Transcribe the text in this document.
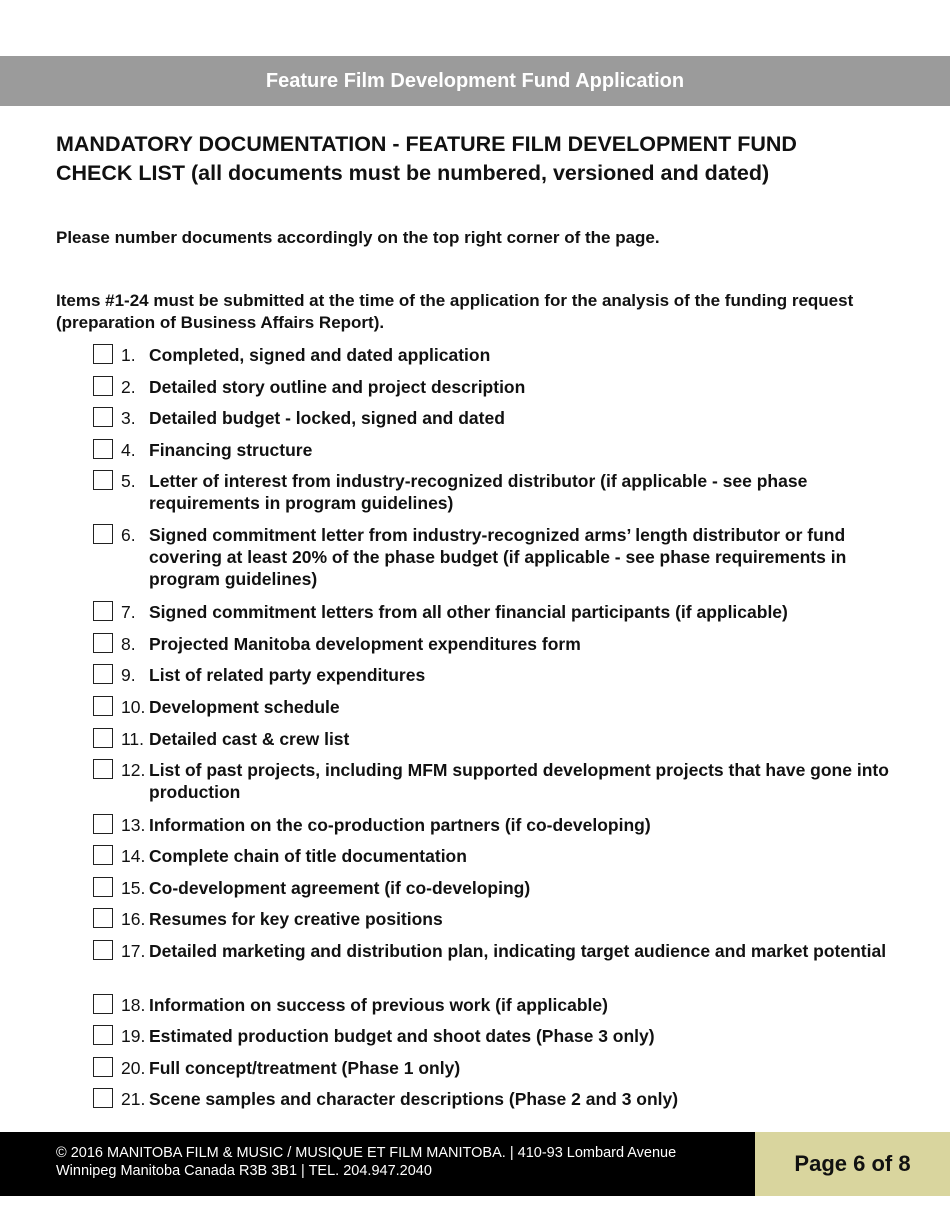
Feature Film Development Fund Application
MANDATORY DOCUMENTATION - FEATURE FILM DEVELOPMENT FUND
CHECK LIST (all documents must be numbered, versioned and dated)

Please number documents accordingly on the top right corner of the page.

Items #1-24 must be submitted at the time of the application for the analysis of the funding request (preparation of Business Affairs Report).

1. Completed, signed and dated application
2. Detailed story outline and project description
3. Detailed budget - locked, signed and dated
4. Financing structure
5. Letter of interest from industry-recognized distributor (if applicable - see phase requirements in program guidelines)
6. Signed commitment letter from industry-recognized arms’ length distributor or fund covering at least 20% of the phase budget (if applicable - see phase requirements in program guidelines)
7. Signed commitment letters from all other financial participants (if applicable)
8. Projected Manitoba development expenditures form
9. List of related party expenditures
10. Development schedule
11. Detailed cast & crew list
12. List of past projects, including MFM supported development projects that have gone into production
13. Information on the co-production partners (if co-developing)
14. Complete chain of title documentation
15. Co-development agreement (if co-developing)
16. Resumes for key creative positions
17. Detailed marketing and distribution plan, indicating target audience and market potential
18. Information on success of previous work (if applicable)
19. Estimated production budget and shoot dates (Phase 3 only)
20. Full concept/treatment (Phase 1 only)
21. Scene samples and character descriptions (Phase 2 and 3 only)
© 2016 MANITOBA FILM & MUSIC / MUSIQUE ET FILM MANITOBA. | 410-93 Lombard Avenue
Winnipeg Manitoba Canada R3B 3B1 | TEL. 204.947.2040	Page 6 of 8
